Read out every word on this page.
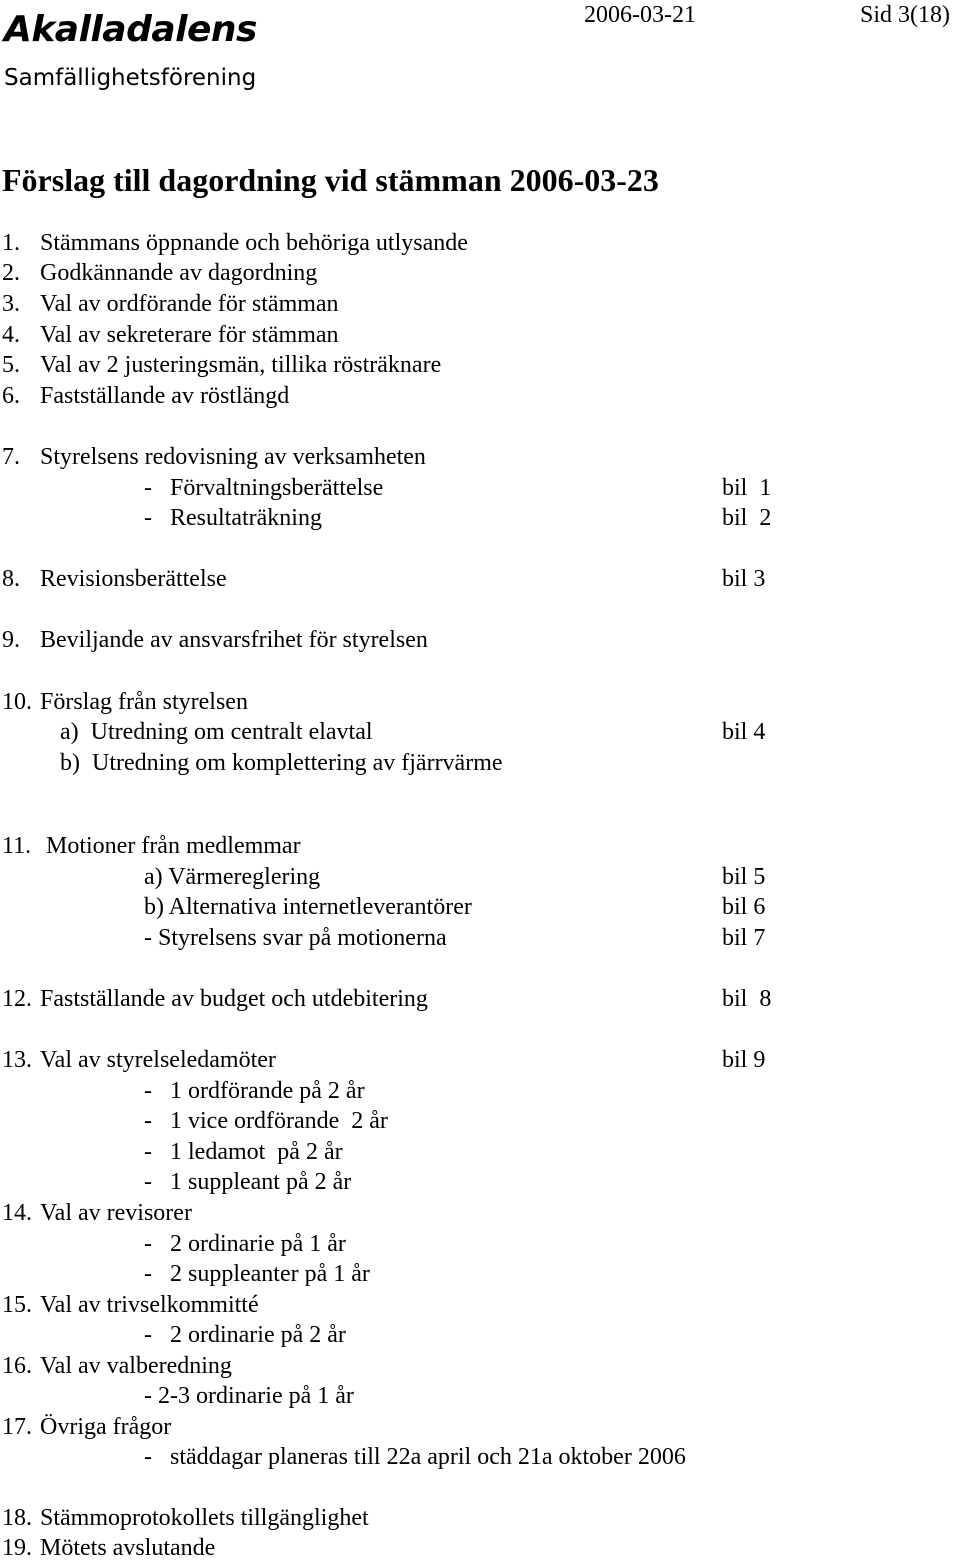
Akalladalens
Samfällighetsförening
2006-03-21	Sid 3(18)
Förslag till dagordning vid stämman 2006-03-23
1. Stämmans öppnande och behöriga utlysande
2. Godkännande av dagordning
3. Val av ordförande för stämman
4. Val av sekreterare för stämman
5. Val av 2 justeringsmän, tillika rösträknare
6. Fastställande av röstlängd
7. Styrelsens redovisning av verksamheten
-   Förvaltningsberättelse	bil  1
-   Resultaträkning	bil  2
8. Revisionsberättelse	bil 3
9. Beviljande av ansvarsfrihet för styrelsen
10. Förslag från styrelsen
a)  Utredning om centralt elavtal	bil 4
b)  Utredning om komplettering av fjärrvärme
11. Motioner från medlemmar
a) Värmereglering	bil 5
b) Alternativa internetleverantörer	bil 6
- Styrelsens svar på motionerna	bil 7
12. Fastställande av budget och utdebitering	bil  8
13. Val av styrelseledamöter	bil 9
-   1 ordförande på 2 år
-   1 vice ordförande  2 år
-   1 ledamot  på 2 år
-   1 suppleant på 2 år
14. Val av revisorer
-   2 ordinarie på 1 år
-   2 suppleanter på 1 år
15. Val av trivselkommitté
-   2 ordinarie på 2 år
16. Val av valberedning
- 2-3 ordinarie på 1 år
17. Övriga frågor
-   städdagar planeras till 22a april och 21a oktober 2006
18. Stämmoprotokollets tillgänglighet
19. Mötets avslutande
